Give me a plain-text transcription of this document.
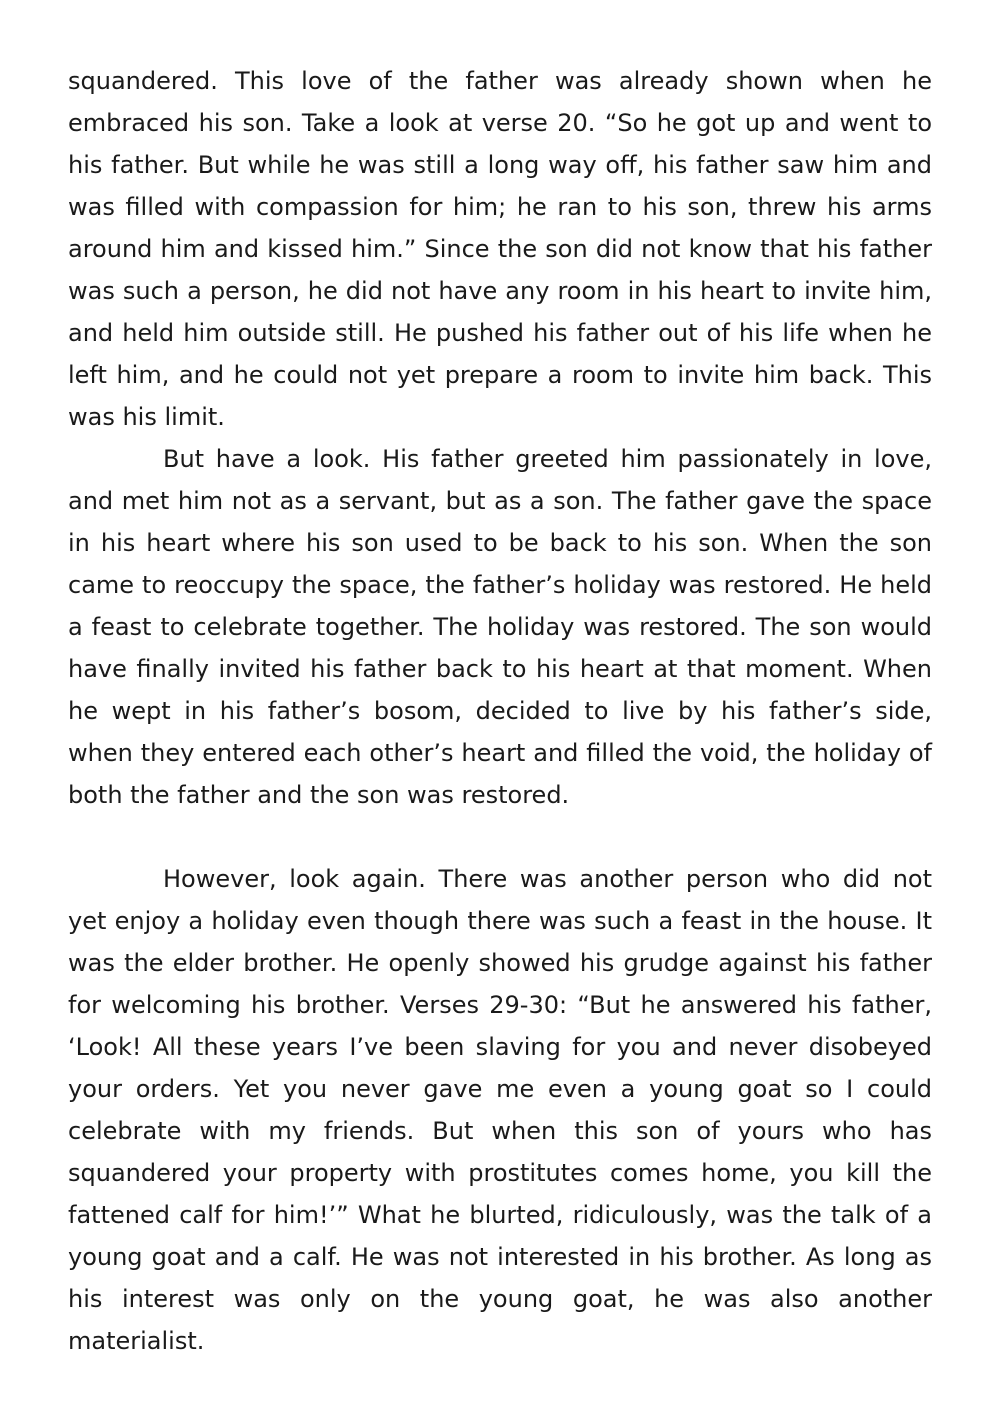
squandered. This love of the father was already shown when he embraced his son. Take a look at verse 20. “So he got up and went to his father. But while he was still a long way off, his father saw him and was filled with compassion for him; he ran to his son, threw his arms around him and kissed him.” Since the son did not know that his father was such a person, he did not have any room in his heart to invite him, and held him outside still. He pushed his father out of his life when he left him, and he could not yet prepare a room to invite him back. This was his limit.

But have a look. His father greeted him passionately in love, and met him not as a servant, but as a son. The father gave the space in his heart where his son used to be back to his son. When the son came to reoccupy the space, the father’s holiday was restored. He held a feast to celebrate together. The holiday was restored. The son would have finally invited his father back to his heart at that moment. When he wept in his father’s bosom, decided to live by his father’s side, when they entered each other’s heart and filled the void, the holiday of both the father and the son was restored.

However, look again. There was another person who did not yet enjoy a holiday even though there was such a feast in the house. It was the elder brother. He openly showed his grudge against his father for welcoming his brother. Verses 29-30: “But he answered his father, ‘Look! All these years I’ve been slaving for you and never disobeyed your orders. Yet you never gave me even a young goat so I could celebrate with my friends. But when this son of yours who has squandered your property with prostitutes comes home, you kill the fattened calf for him!’” What he blurted, ridiculously, was the talk of a young goat and a calf. He was not interested in his brother. As long as his interest was only on the young goat, he was also another materialist.
